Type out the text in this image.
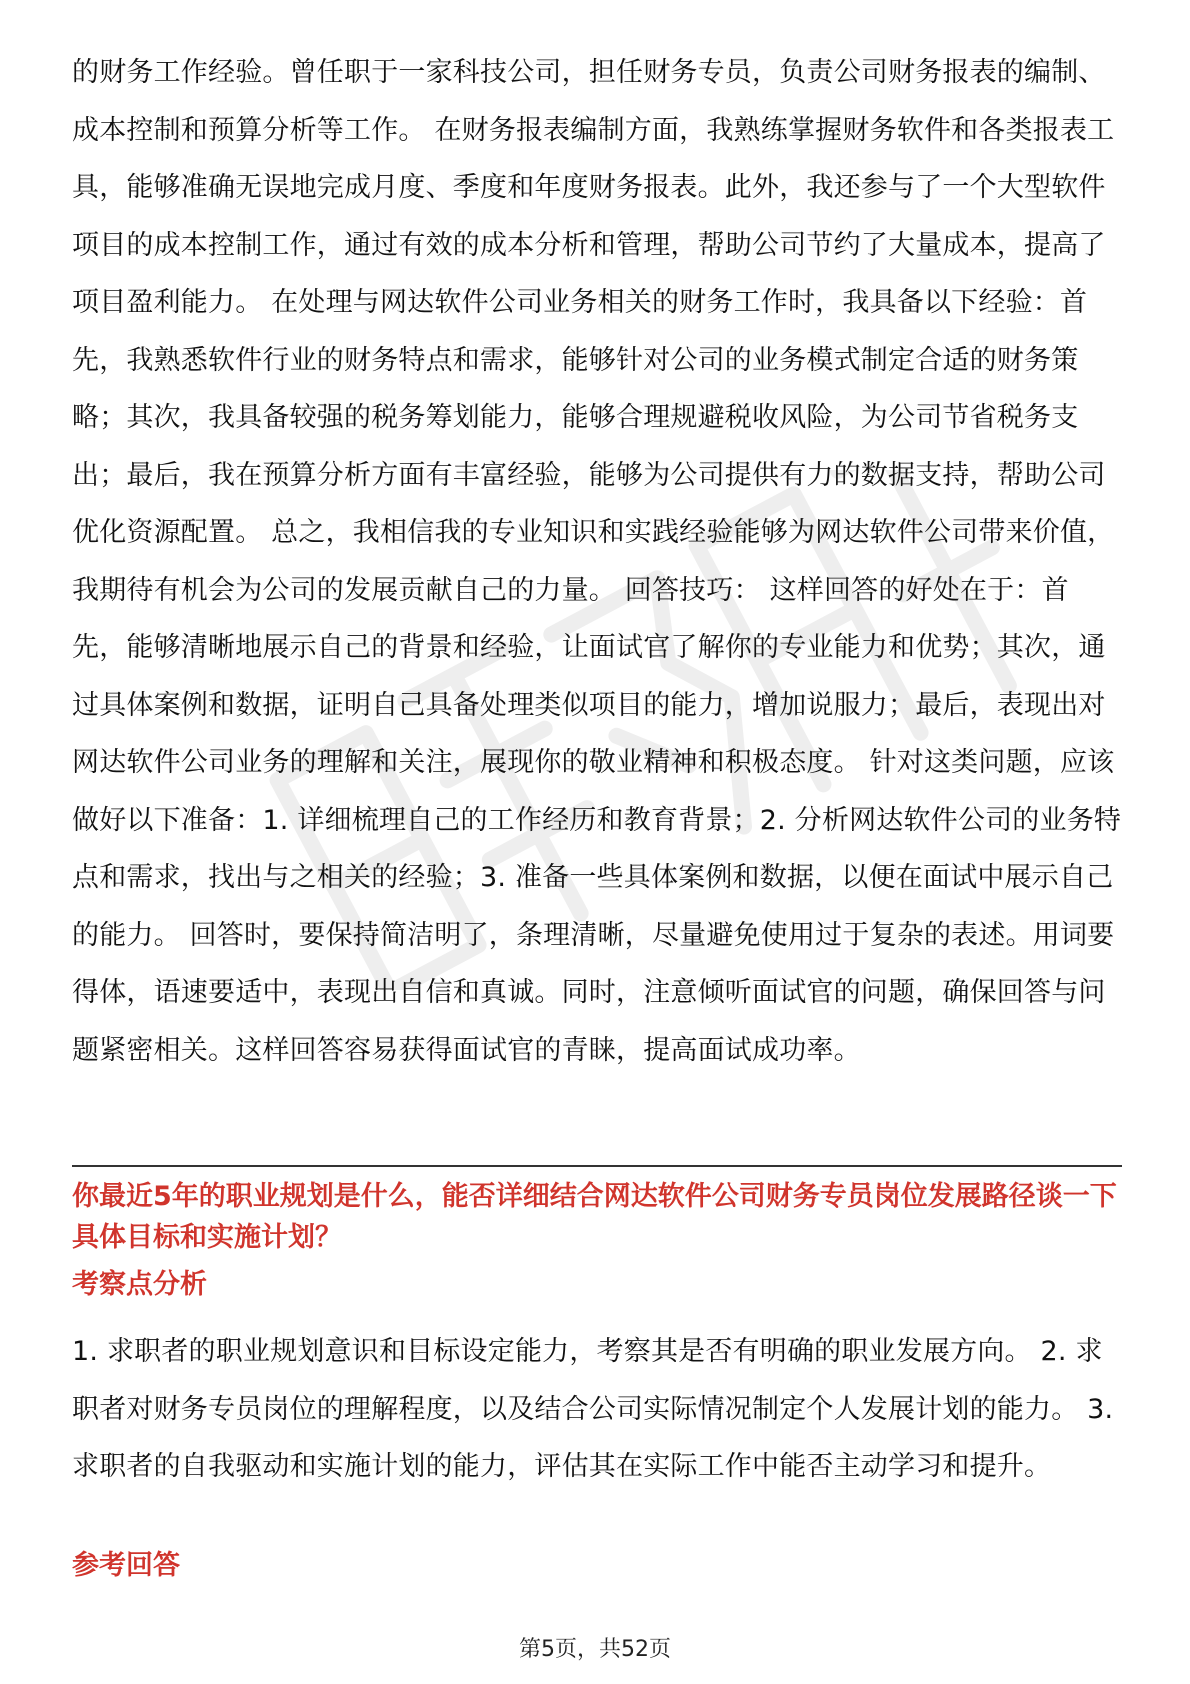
的财务工作经验。曾任职于一家科技公司，担任财务专员，负责公司财务报表的编制、成本控制和预算分析等工作。 在财务报表编制方面，我熟练掌握财务软件和各类报表工具，能够准确无误地完成月度、季度和年度财务报表。此外，我还参与了一个大型软件项目的成本控制工作，通过有效的成本分析和管理，帮助公司节约了大量成本，提高了项目盈利能力。 在处理与网达软件公司业务相关的财务工作时，我具备以下经验：首先，我熟悉软件行业的财务特点和需求，能够针对公司的业务模式制定合适的财务策略；其次，我具备较强的税务筹划能力，能够合理规避税收风险，为公司节省税务支出；最后，我在预算分析方面有丰富经验，能够为公司提供有力的数据支持，帮助公司优化资源配置。 总之，我相信我的专业知识和实践经验能够为网达软件公司带来价值，我期待有机会为公司的发展贡献自己的力量。 回答技巧： 这样回答的好处在于：首先，能够清晰地展示自己的背景和经验，让面试官了解你的专业能力和优势；其次，通过具体案例和数据，证明自己具备处理类似项目的能力，增加说服力；最后，表现出对网达软件公司业务的理解和关注，展现你的敬业精神和积极态度。 针对这类问题，应该做好以下准备：1. 详细梳理自己的工作经历和教育背景；2. 分析网达软件公司的业务特点和需求，找出与之相关的经验；3. 准备一些具体案例和数据，以便在面试中展示自己的能力。 回答时，要保持简洁明了，条理清晰，尽量避免使用过于复杂的表述。用词要得体，语速要适中，表现出自信和真诚。同时，注意倾听面试官的问题，确保回答与问题紧密相关。这样回答容易获得面试官的青睐，提高面试成功率。

你最近5年的职业规划是什么，能否详细结合网达软件公司财务专员岗位发展路径谈一下具体目标和实施计划？

考察点分析

1. 求职者的职业规划意识和目标设定能力，考察其是否有明确的职业发展方向。 2. 求职者对财务专员岗位的理解程度，以及结合公司实际情况制定个人发展计划的能力。 3. 求职者的自我驱动和实施计划的能力，评估其在实际工作中能否主动学习和提升。

参考回答

第5页，共52页
